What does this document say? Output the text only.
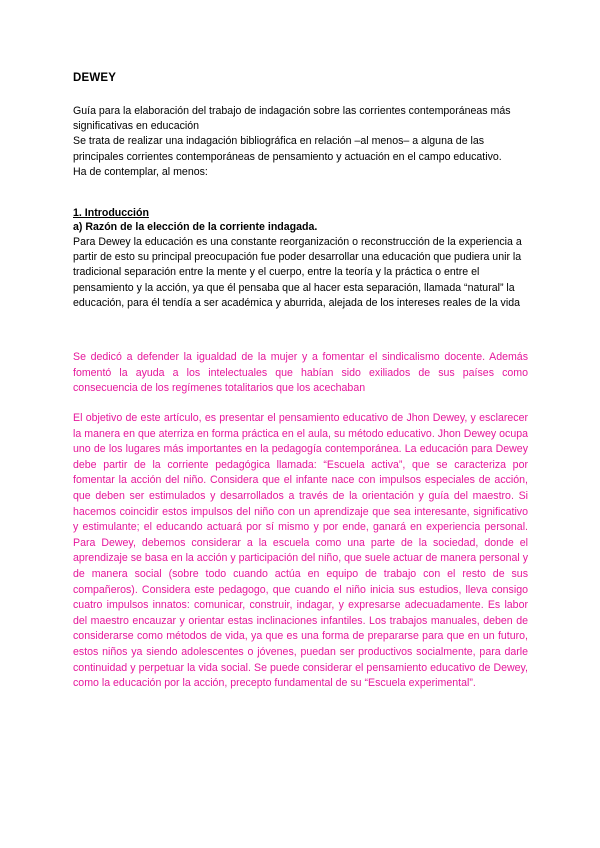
DEWEY

Guía para la elaboración del trabajo de indagación sobre las corrientes contemporáneas más significativas en educación

Se trata de realizar una indagación bibliográfica en relación –al menos– a alguna de las principales corrientes contemporáneas de pensamiento y actuación en el campo educativo.

Ha de contemplar, al menos:

1. Introducción
a) Razón de la elección de la corriente indagada.

Para Dewey la educación es una constante reorganización o reconstrucción de la experiencia a partir de esto su principal preocupación fue poder desarrollar una educación que pudiera unir la tradicional separación entre la mente y el cuerpo, entre la teoría y la práctica o entre el pensamiento y la acción, ya que él pensaba que al hacer esta separación, llamada “natural” la educación, para él tendía a ser académica y aburrida, alejada de los intereses reales de la vida

Se dedicó a defender la igualdad de la mujer y a fomentar el sindicalismo docente. Además fomentó la ayuda a los intelectuales que habían sido exiliados de sus países como consecuencia de los regímenes totalitarios que los acechaban

El objetivo de este artículo, es presentar el pensamiento educativo de Jhon Dewey, y esclarecer la manera en que aterriza en forma práctica en el aula, su método educativo. Jhon Dewey ocupa uno de los lugares más importantes en la pedagogía contemporánea. La educación para Dewey debe partir de la corriente pedagógica llamada: “Escuela activa”, que se caracteriza por fomentar la acción del niño. Considera que el infante nace con impulsos especiales de acción, que deben ser estimulados y desarrollados a través de la orientación y guía del maestro. Si hacemos coincidir estos impulsos del niño con un aprendizaje que sea interesante, significativo y estimulante; el educando actuará por sí mismo y por ende, ganará en experiencia personal. Para Dewey, debemos considerar a la escuela como una parte de la sociedad, donde el aprendizaje se basa en la acción y participación del niño, que suele actuar de manera personal y de manera social (sobre todo cuando actúa en equipo de trabajo con el resto de sus compañeros). Considera este pedagogo, que cuando el niño inicia sus estudios, lleva consigo cuatro impulsos innatos: comunicar, construir, indagar, y expresarse adecuadamente. Es labor del maestro encauzar y orientar estas inclinaciones infantiles. Los trabajos manuales, deben de considerarse como métodos de vida, ya que es una forma de prepararse para que en un futuro, estos niños ya siendo adolescentes o jóvenes, puedan ser productivos socialmente, para darle continuidad y perpetuar la vida social. Se puede considerar el pensamiento educativo de Dewey, como la educación por la acción, precepto fundamental de su “Escuela experimental”.
